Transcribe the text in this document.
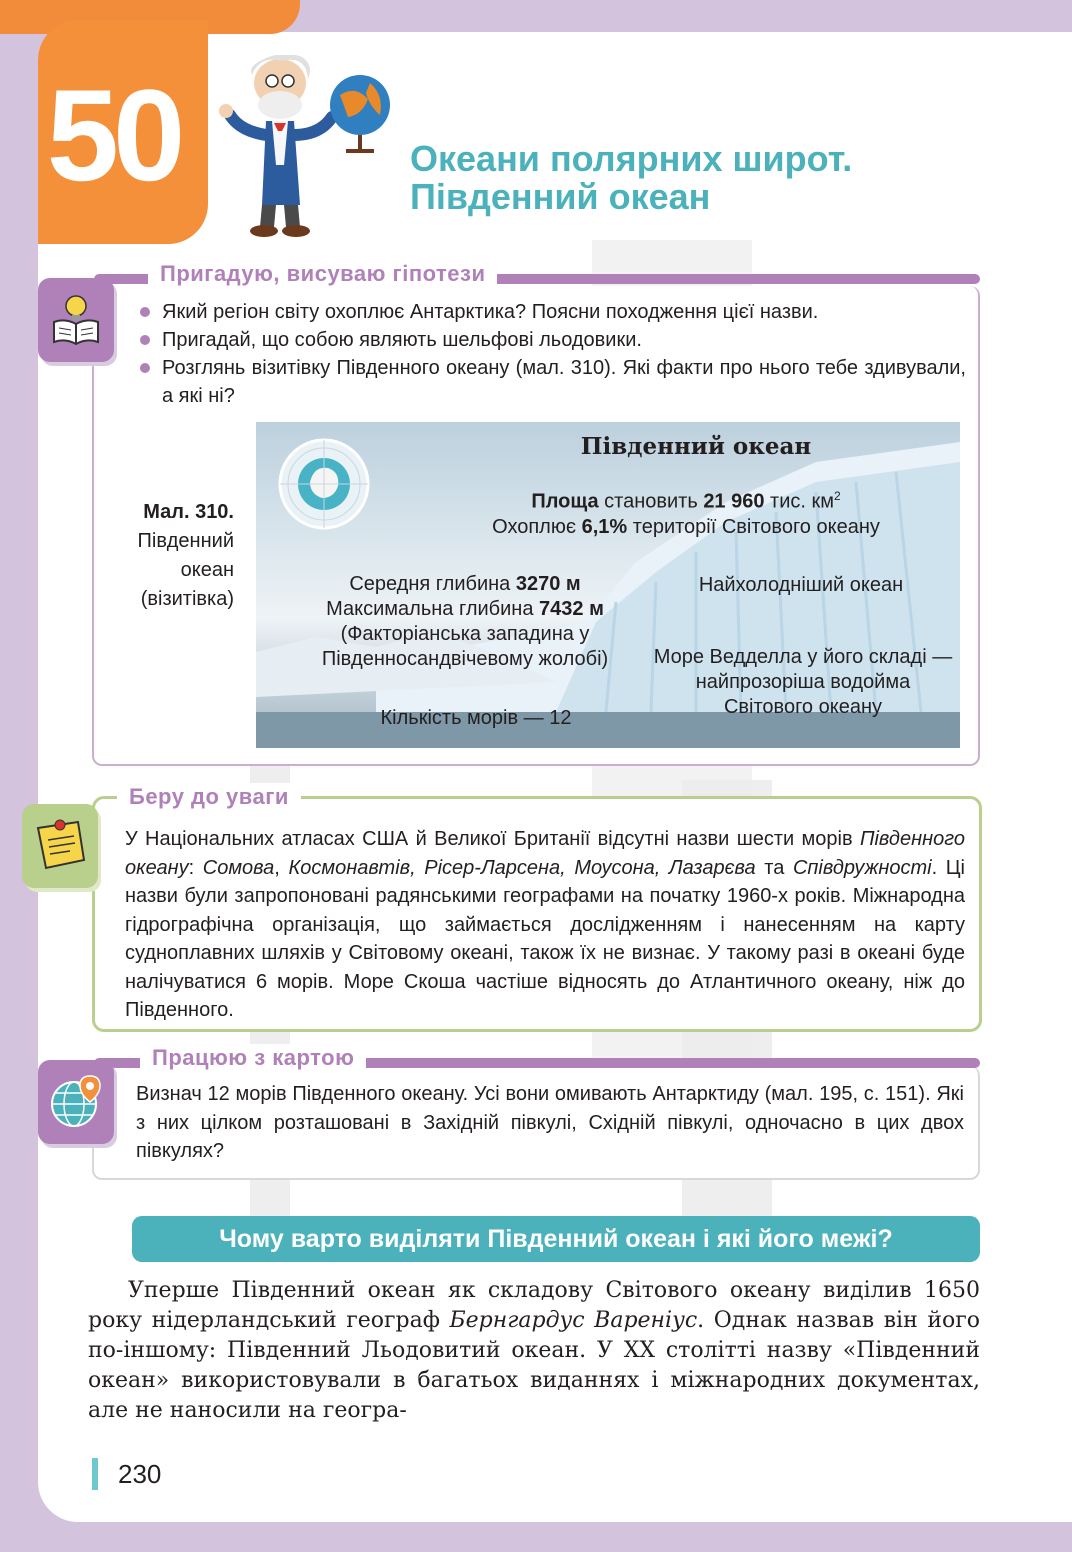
50	Океани полярних широт.
Південний океан
Пригадую, висуваю гіпотези
Який регіон світу охоплює Антарктика? Поясни походження цієї назви.
Пригадай, що собою являють шельфові льодовики.
Розглянь візитівку Південного океану (мал. 310). Які факти про нього тебе здивували, а які ні?
Мал. 310.
Південний океан (візитівка)
Південний океан
Площа становить 21 960 тис. $км^2$
Охоплює 6,1% території Світового океану
Середня глибина 3270 м
Максимальна глибина 7432 м
(Факторіанська западина у Південносандвічевому жолобі)
Найхолодніший океан
Море Ведделла у його складі — найпрозоріша водойма Світового океану
Кількість морів — 12
Беру до уваги
У Національних атласах США й Великої Британії відсутні назви шести морів Південного океану: Сомова, Космонавтів, Рісер-Ларсена, Моусона, Лазарєва та Співдружності. Ці назви були запропоновані радянськими географами на початку 1960-х років. Міжнародна гідрографічна організація, що займається дослідженням і нанесенням на карту судноплавних шляхів у Світовому океані, також їх не визнає. У такому разі в океані буде налічуватися 6 морів. Море Скоша частіше відносять до Атлантичного океану, ніж до Південного.
Працюю з картою
Визнач 12 морів Південного океану. Усі вони омивають Антарктиду (мал. 195, с. 151). Які з них цілком розташовані в Західній півкулі, Східній півкулі, одночасно в цих двох півкулях?
Чому варто виділяти Південний океан і які його межі?
Уперше Південний океан як складову Світового океану виділив 1650 року нідерландський географ Бернгардус Вареніус. Однак назвав він його по-іншому: Південний Льодовитий океан. У XX столітті назву «Південний океан» використовували в багатьох виданнях і міжнародних документах, але не наносили на геогра-
230
